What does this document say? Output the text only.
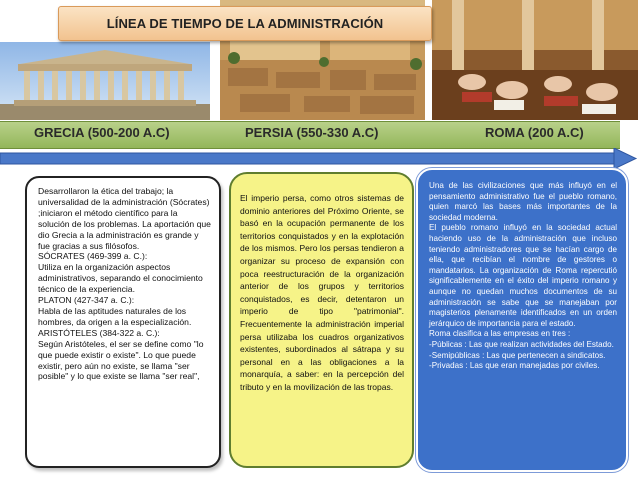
LÍNEA DE TIEMPO DE LA ADMINISTRACIÓN
GRECIA (500-200 A.C)	PERSIA (550-330 A.C)	ROMA (200 A.C)
Desarrollaron la ética del trabajo; la universalidad de la administración (Sócrates) ;iniciaron el método científico para la solución de los problemas. La aportación que dio Grecia a la administración es grande y fue gracias a sus filósofos.
SÓCRATES (469-399 a. C.):
Utiliza en la organización aspectos administrativos, separando el conocimiento técnico de la experiencia.
PLATON (427-347 a. C.):
Habla de las aptitudes naturales de los hombres, da origen a la especialización.
ARISTÓTELES (384-322 a. C.):
Según Aristóteles, el ser se define como "lo que puede existir o existe". Lo que puede existir, pero aún no existe, se llama "ser posible" y lo que existe se llama "ser real",
El imperio persa, como otros sistemas de dominio anteriores del Próximo Oriente, se basó en la ocupación permanente de los territorios conquistados y en la explotación de los mismos. Pero los persas tendieron a organizar su proceso de expansión con poca reestructuración de la organización anterior de los grupos y territorios conquistados, es decir, detentaron un imperio de tipo "patrimonial". Frecuentemente la administración imperial persa utilizaba los cuadros organizativos existentes, subordinados al sátrapa y su personal en a las obligaciones a la monarquía, a saber: en la percepción del tributo y en la movilización de las tropas.
Una de las civilizaciones que más influyó en el pensamiento administrativo fue el pueblo romano, quien marcó las bases más importantes de la sociedad moderna.
El pueblo romano influyó en la sociedad actual haciendo uso de la administración que incluso teniendo administradores que se hacían cargo de ella, que recibían el nombre de gestores o mandatarios. La organización de Roma repercutió significablemente en el éxito del imperio romano y aunque no quedan muchos documentos de su administración se sabe que se manejaban por magisterios plenamente identificados en un orden jerárquico de importancia para el estado.
Roma clasifica a las empresas en tres :
-Públicas : Las que realizan actividades del Estado.
-Semipúblicas : Las que pertenecen a sindicatos.
-Privadas : Las que eran manejadas por civiles.
